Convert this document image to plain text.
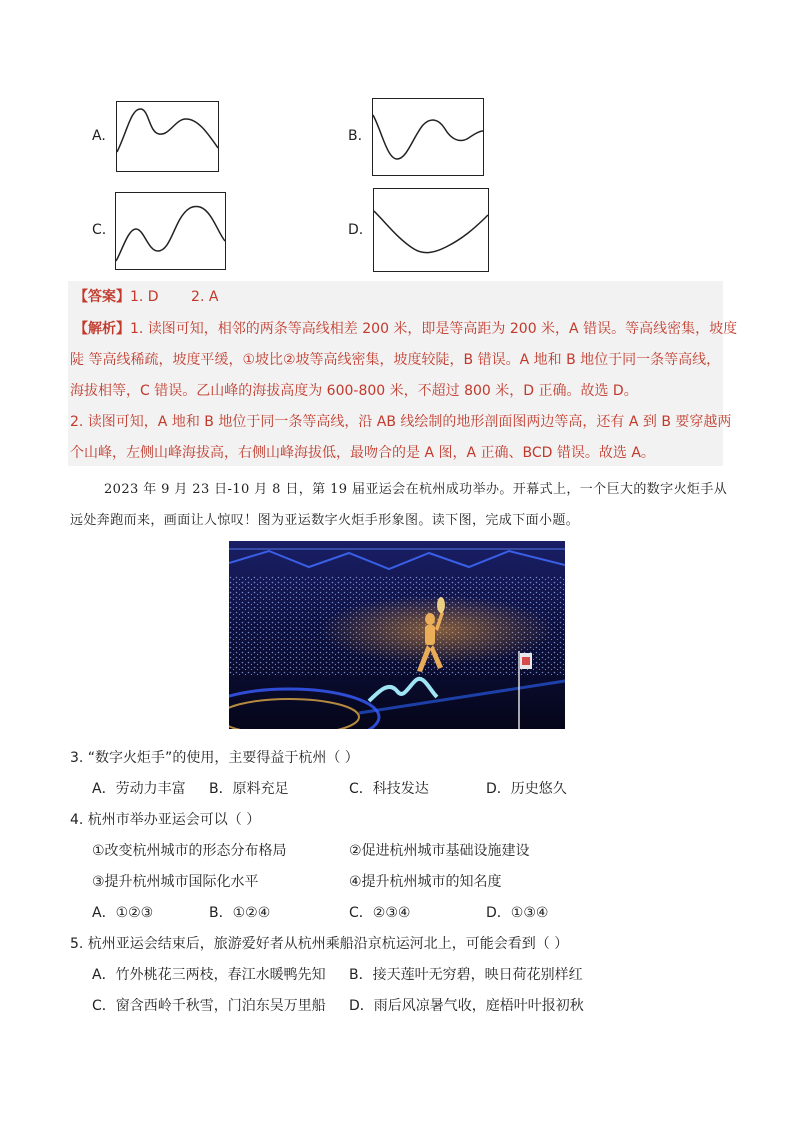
A.	B.
C.	D.
【答案】1. D　　 2. A
【解析】1. 读图可知，相邻的两条等高线相差 200 米，即是等高距为 200 米，A 错误。等高线密集，坡度
陡 等高线稀疏，坡度平缓，①坡比②坡等高线密集，坡度较陡，B 错误。A 地和 B 地位于同一条等高线，
海拔相等，C 错误。乙山峰的海拔高度为 600-800 米，不超过 800 米，D 正确。故选 D。
2. 读图可知，A 地和 B 地位于同一条等高线，沿 AB 线绘制的地形剖面图两边等高，还有 A 到 B 要穿越两
个山峰，左侧山峰海拔高，右侧山峰海拔低，最吻合的是 A 图，A 正确、BCD 错误。故选 A。
2023 年 9 月 23 日-10 月 8 日，第 19 届亚运会在杭州成功举办。开幕式上，一个巨大的数字火炬手从
远处奔跑而来，画面让人惊叹！图为亚运数字火炬手形象图。读下图，完成下面小题。
3. “数字火炬手”的使用，主要得益于杭州（ ）
A．劳动力丰富 B．原料充足	C．科技发达	D．历史悠久
4. 杭州市举办亚运会可以（ ）
①改变杭州城市的形态分布格局	②促进杭州城市基础设施建设
③提升杭州城市国际化水平	④提升杭州城市的知名度
A．①②③	B．①②④	C．②③④	D．①③④
5. 杭州亚运会结束后，旅游爱好者从杭州乘船沿京杭运河北上，可能会看到（ ）
A．竹外桃花三两枝，春江水暖鸭先知 B．接天莲叶无穷碧，映日荷花别样红
C．窗含西岭千秋雪，门泊东吴万里船 D．雨后风凉暑气收，庭梧叶叶报初秋
